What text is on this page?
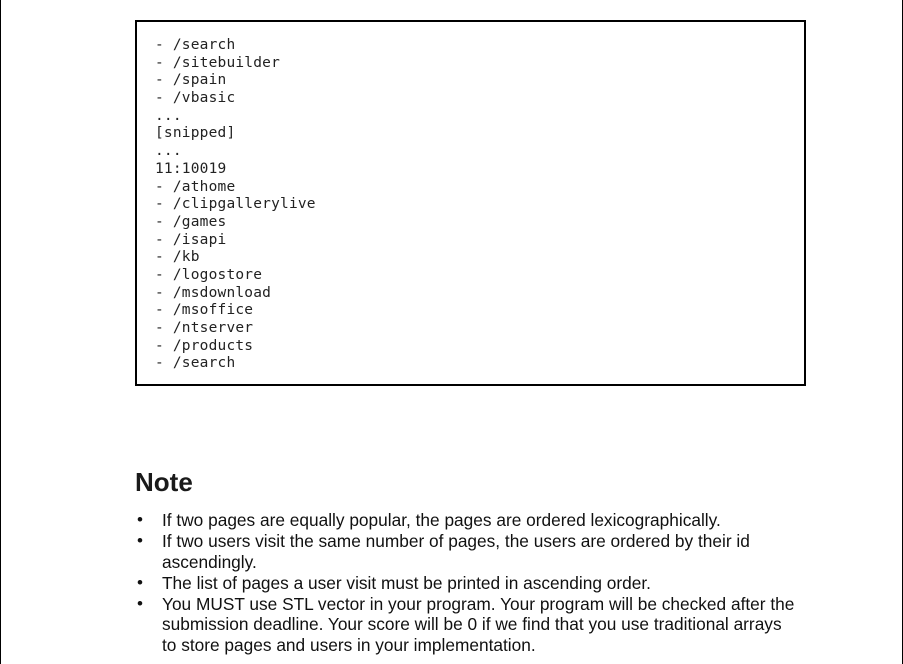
- /search
- /sitebuilder
- /spain
- /vbasic
...
[snipped]
...
11:10019
- /athome
- /clipgallerylive
- /games
- /isapi
- /kb
- /logostore
- /msdownload
- /msoffice
- /ntserver
- /products
- /search
Note
• If two pages are equally popular, the pages are ordered lexicographically.
• If two users visit the same number of pages, the users are ordered by their id ascendingly.
• The list of pages a user visit must be printed in ascending order.
• You MUST use STL vector in your program. Your program will be checked after the submission deadline. Your score will be 0 if we find that you use traditional arrays to store pages and users in your implementation.
